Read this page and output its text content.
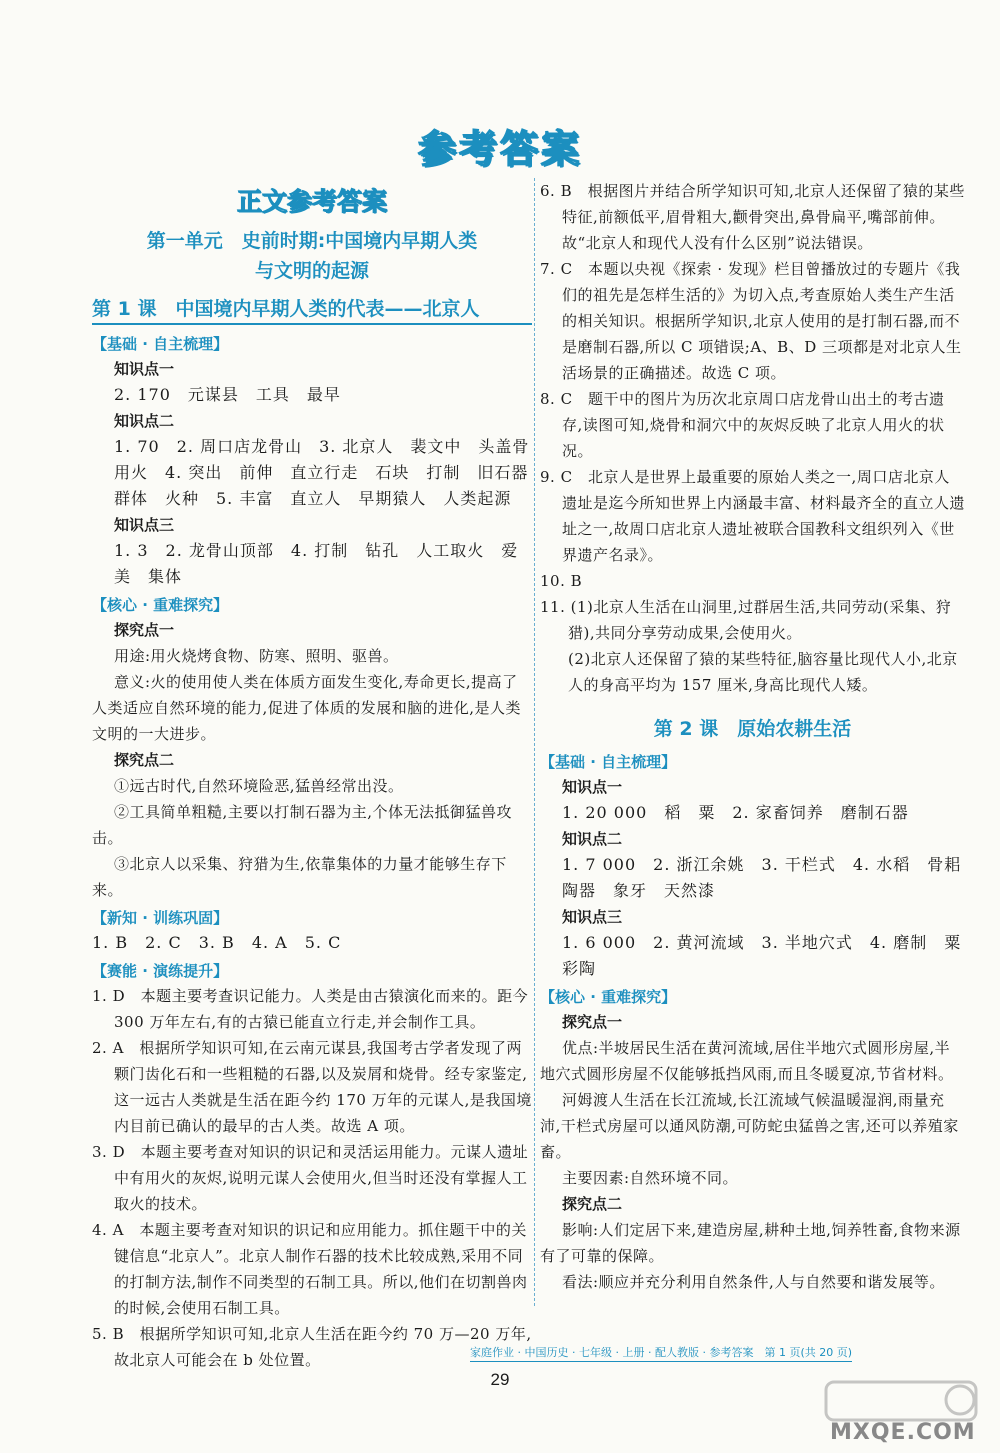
参考答案
正文参考答案
第一单元　史前时期:中国境内早期人类
与文明的起源
第 1 课　中国境内早期人类的代表——北京人
【基础 · 自主梳理】
知识点一
2. 170　元谋县　工具　最早
知识点二
1. 70　2. 周口店龙骨山　3. 北京人　裴文中　头盖骨　用火　4. 突出　前伸　直立行走　石块　打制　旧石器　群体　火种　5. 丰富　直立人　早期猿人　人类起源
知识点三
1. 3　2. 龙骨山顶部　4. 打制　钻孔　人工取火　爱美　集体
【核心 · 重难探究】
探究点一
用途:用火烧烤食物、防寒、照明、驱兽。
意义:火的使用使人类在体质方面发生变化,寿命更长,提高了人类适应自然环境的能力,促进了体质的发展和脑的进化,是人类文明的一大进步。
探究点二
①远古时代,自然环境险恶,猛兽经常出没。
②工具简单粗糙,主要以打制石器为主,个体无法抵御猛兽攻击。
③北京人以采集、狩猎为生,依靠集体的力量才能够生存下来。
【新知 · 训练巩固】
1. B　2. C　3. B　4. A　5. C
【赛能 · 演练提升】
1. D　本题主要考查识记能力。人类是由古猿演化而来的。距今 300 万年左右,有的古猿已能直立行走,并会制作工具。
2. A　根据所学知识可知,在云南元谋县,我国考古学者发现了两颗门齿化石和一些粗糙的石器,以及炭屑和烧骨。经专家鉴定,这一远古人类就是生活在距今约 170 万年的元谋人,是我国境内目前已确认的最早的古人类。故选 A 项。
3. D　本题主要考查对知识的识记和灵活运用能力。元谋人遗址中有用火的灰烬,说明元谋人会使用火,但当时还没有掌握人工取火的技术。
4. A　本题主要考查对知识的识记和应用能力。抓住题干中的关键信息“北京人”。北京人制作石器的技术比较成熟,采用不同的打制方法,制作不同类型的石制工具。所以,他们在切割兽肉的时候,会使用石制工具。
5. B　根据所学知识可知,北京人生活在距今约 70 万—20 万年,故北京人可能会在 b 处位置。
6. B　根据图片并结合所学知识可知,北京人还保留了猿的某些特征,前额低平,眉骨粗大,颧骨突出,鼻骨扁平,嘴部前伸。故“北京人和现代人没有什么区别”说法错误。
7. C　本题以央视《探索 · 发现》栏目曾播放过的专题片《我们的祖先是怎样生活的》为切入点,考查原始人类生产生活的相关知识。根据所学知识,北京人使用的是打制石器,而不是磨制石器,所以 C 项错误;A、B、D 三项都是对北京人生活场景的正确描述。故选 C 项。
8. C　题干中的图片为历次北京周口店龙骨山出土的考古遗存,读图可知,烧骨和洞穴中的灰烬反映了北京人用火的状况。
9. C　北京人是世界上最重要的原始人类之一,周口店北京人遗址是迄今所知世界上内涵最丰富、材料最齐全的直立人遗址之一,故周口店北京人遗址被联合国教科文组织列入《世界遗产名录》。
10. B
11. (1)北京人生活在山洞里,过群居生活,共同劳动(采集、狩猎),共同分享劳动成果,会使用火。
(2)北京人还保留了猿的某些特征,脑容量比现代人小,北京人的身高平均为 157 厘米,身高比现代人矮。
第 2 课　原始农耕生活
【基础 · 自主梳理】
知识点一
1. 20 000　稻　粟　2. 家畜饲养　磨制石器
知识点二
1. 7 000　2. 浙江余姚　3. 干栏式　4. 水稻　骨耜　陶器　象牙　天然漆
知识点三
1. 6 000　2. 黄河流域　3. 半地穴式　4. 磨制　粟　彩陶
【核心 · 重难探究】
探究点一
优点:半坡居民生活在黄河流域,居住半地穴式圆形房屋,半地穴式圆形房屋不仅能够抵挡风雨,而且冬暖夏凉,节省材料。
河姆渡人生活在长江流域,长江流域气候温暖湿润,雨量充沛,干栏式房屋可以通风防潮,可防蛇虫猛兽之害,还可以养殖家畜。
主要因素:自然环境不同。
探究点二
影响:人们定居下来,建造房屋,耕种土地,饲养牲畜,食物来源有了可靠的保障。
看法:顺应并充分利用自然条件,人与自然要和谐发展等。
家庭作业 · 中国历史 · 七年级 · 上册 · 配人教版 · 参考答案　第 1 页(共 20 页)
29
MXQE.COM
